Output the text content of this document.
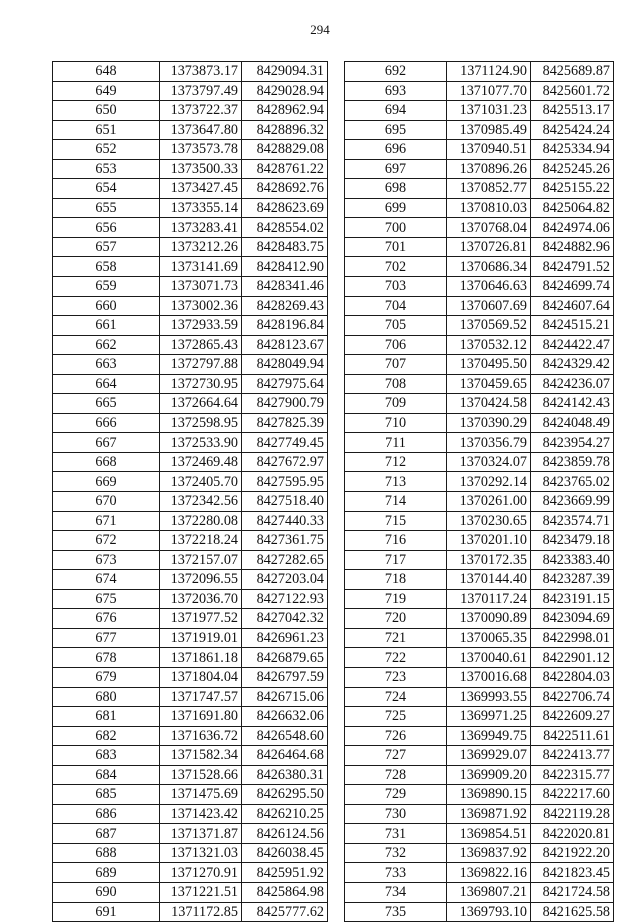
294
648	1373873.17	8429094.31
649	1373797.49	8429028.94
650	1373722.37	8428962.94
651	1373647.80	8428896.32
652	1373573.78	8428829.08
653	1373500.33	8428761.22
654	1373427.45	8428692.76
655	1373355.14	8428623.69
656	1373283.41	8428554.02
657	1373212.26	8428483.75
658	1373141.69	8428412.90
659	1373071.73	8428341.46
660	1373002.36	8428269.43
661	1372933.59	8428196.84
662	1372865.43	8428123.67
663	1372797.88	8428049.94
664	1372730.95	8427975.64
665	1372664.64	8427900.79
666	1372598.95	8427825.39
667	1372533.90	8427749.45
668	1372469.48	8427672.97
669	1372405.70	8427595.95
670	1372342.56	8427518.40
671	1372280.08	8427440.33
672	1372218.24	8427361.75
673	1372157.07	8427282.65
674	1372096.55	8427203.04
675	1372036.70	8427122.93
676	1371977.52	8427042.32
677	1371919.01	8426961.23
678	1371861.18	8426879.65
679	1371804.04	8426797.59
680	1371747.57	8426715.06
681	1371691.80	8426632.06
682	1371636.72	8426548.60
683	1371582.34	8426464.68
684	1371528.66	8426380.31
685	1371475.69	8426295.50
686	1371423.42	8426210.25
687	1371371.87	8426124.56
688	1371321.03	8426038.45
689	1371270.91	8425951.92
690	1371221.51	8425864.98
691	1371172.85	8425777.62
692	1371124.90	8425689.87
693	1371077.70	8425601.72
694	1371031.23	8425513.17
695	1370985.49	8425424.24
696	1370940.51	8425334.94
697	1370896.26	8425245.26
698	1370852.77	8425155.22
699	1370810.03	8425064.82
700	1370768.04	8424974.06
701	1370726.81	8424882.96
702	1370686.34	8424791.52
703	1370646.63	8424699.74
704	1370607.69	8424607.64
705	1370569.52	8424515.21
706	1370532.12	8424422.47
707	1370495.50	8424329.42
708	1370459.65	8424236.07
709	1370424.58	8424142.43
710	1370390.29	8424048.49
711	1370356.79	8423954.27
712	1370324.07	8423859.78
713	1370292.14	8423765.02
714	1370261.00	8423669.99
715	1370230.65	8423574.71
716	1370201.10	8423479.18
717	1370172.35	8423383.40
718	1370144.40	8423287.39
719	1370117.24	8423191.15
720	1370090.89	8423094.69
721	1370065.35	8422998.01
722	1370040.61	8422901.12
723	1370016.68	8422804.03
724	1369993.55	8422706.74
725	1369971.25	8422609.27
726	1369949.75	8422511.61
727	1369929.07	8422413.77
728	1369909.20	8422315.77
729	1369890.15	8422217.60
730	1369871.92	8422119.28
731	1369854.51	8422020.81
732	1369837.92	8421922.20
733	1369822.16	8421823.45
734	1369807.21	8421724.58
735	1369793.10	8421625.58
